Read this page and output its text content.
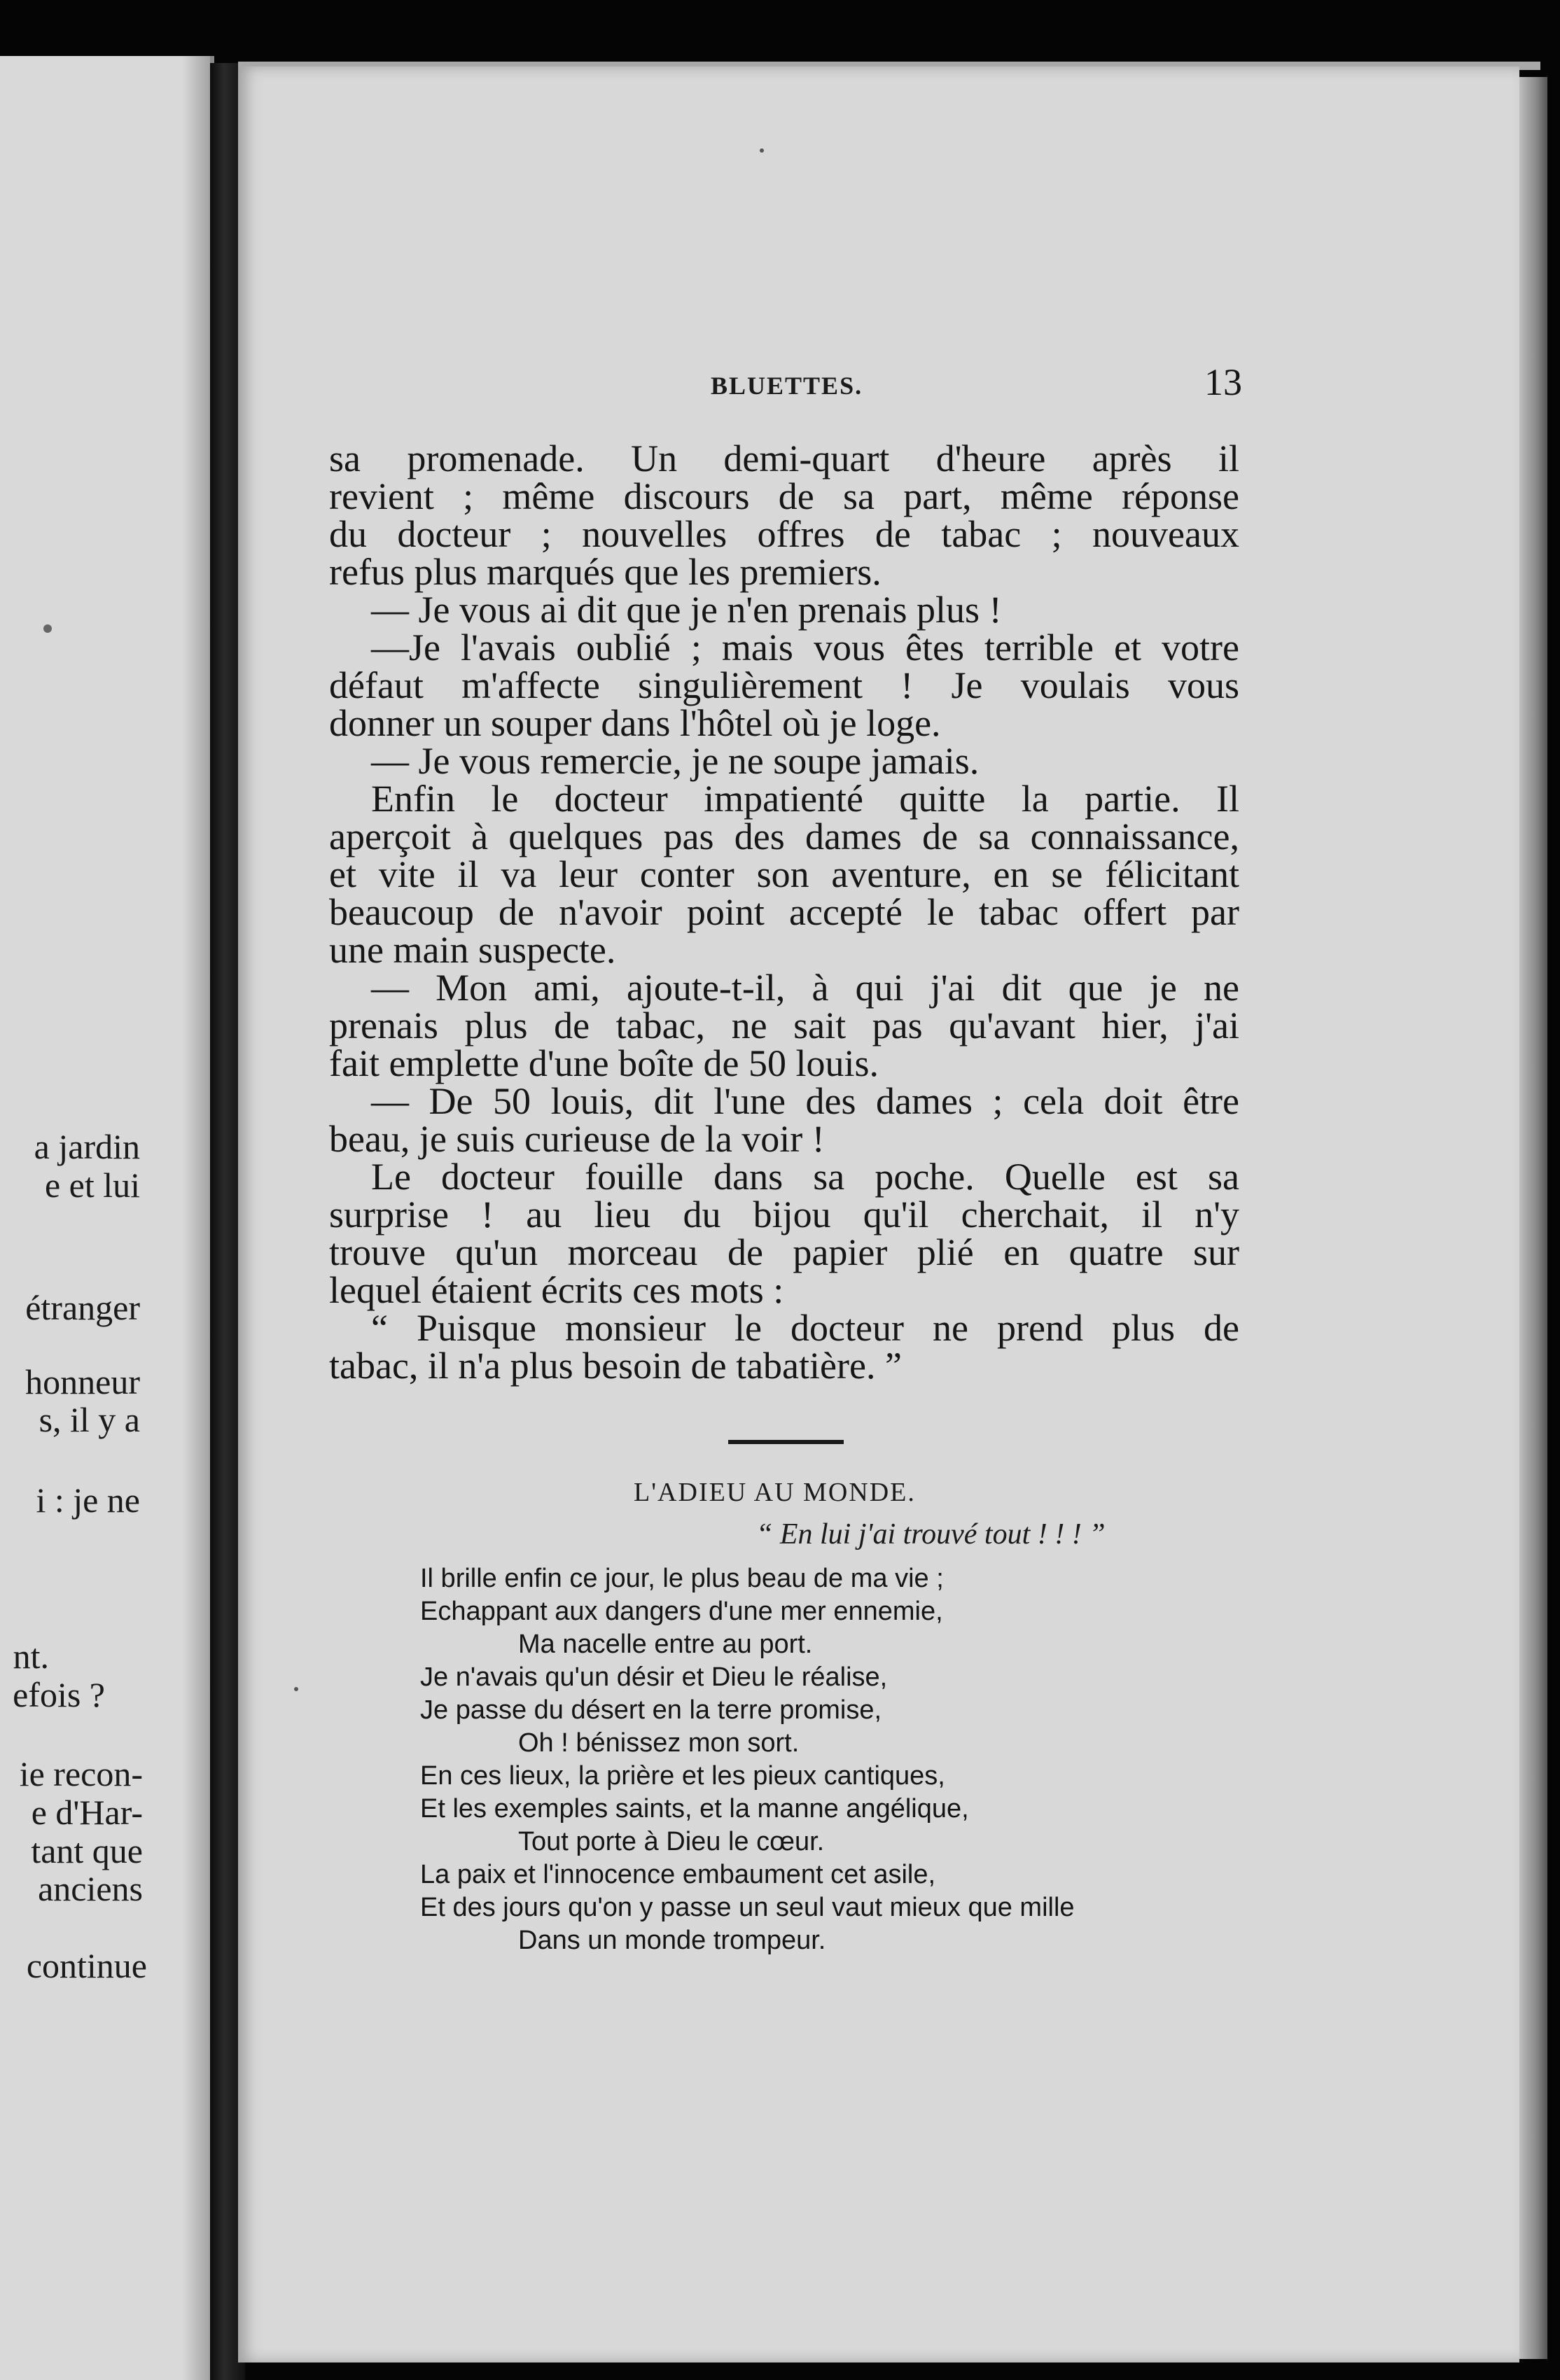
a jardin
e et lui
étranger
honneur
s, il y a
i : je ne
nt.
efois ?
ie recon-
e d'Har-
tant que
anciens
continue
BLUETTES.	13
sa promenade. Un demi-quart d'heure après il
revient ; même discours de sa part, même réponse
du docteur ; nouvelles offres de tabac ; nouveaux
refus plus marqués que les premiers.
— Je vous ai dit que je n'en prenais plus !
—Je l'avais oublié ; mais vous êtes terrible et votre
défaut m'affecte singulièrement ! Je voulais vous
donner un souper dans l'hôtel où je loge.
— Je vous remercie, je ne soupe jamais.
Enfin le docteur impatienté quitte la partie. Il
aperçoit à quelques pas des dames de sa connaissance,
et vite il va leur conter son aventure, en se félicitant
beaucoup de n'avoir point accepté le tabac offert par
une main suspecte.
— Mon ami, ajoute-t-il, à qui j'ai dit que je ne
prenais plus de tabac, ne sait pas qu'avant hier, j'ai
fait emplette d'une boîte de 50 louis.
— De 50 louis, dit l'une des dames ; cela doit être
beau, je suis curieuse de la voir !
Le docteur fouille dans sa poche. Quelle est sa
surprise ! au lieu du bijou qu'il cherchait, il n'y
trouve qu'un morceau de papier plié en quatre sur
lequel étaient écrits ces mots :
“ Puisque monsieur le docteur ne prend plus de
tabac, il n'a plus besoin de tabatière. ”
L'ADIEU AU MONDE.
“ En lui j'ai trouvé tout ! ! ! ”
Il brille enfin ce jour, le plus beau de ma vie ;
Echappant aux dangers d'une mer ennemie,
Ma nacelle entre au port.
Je n'avais qu'un désir et Dieu le réalise,
Je passe du désert en la terre promise,
Oh ! bénissez mon sort.
En ces lieux, la prière et les pieux cantiques,
Et les exemples saints, et la manne angélique,
Tout porte à Dieu le cœur.
La paix et l'innocence embaument cet asile,
Et des jours qu'on y passe un seul vaut mieux que mille
Dans un monde trompeur.
